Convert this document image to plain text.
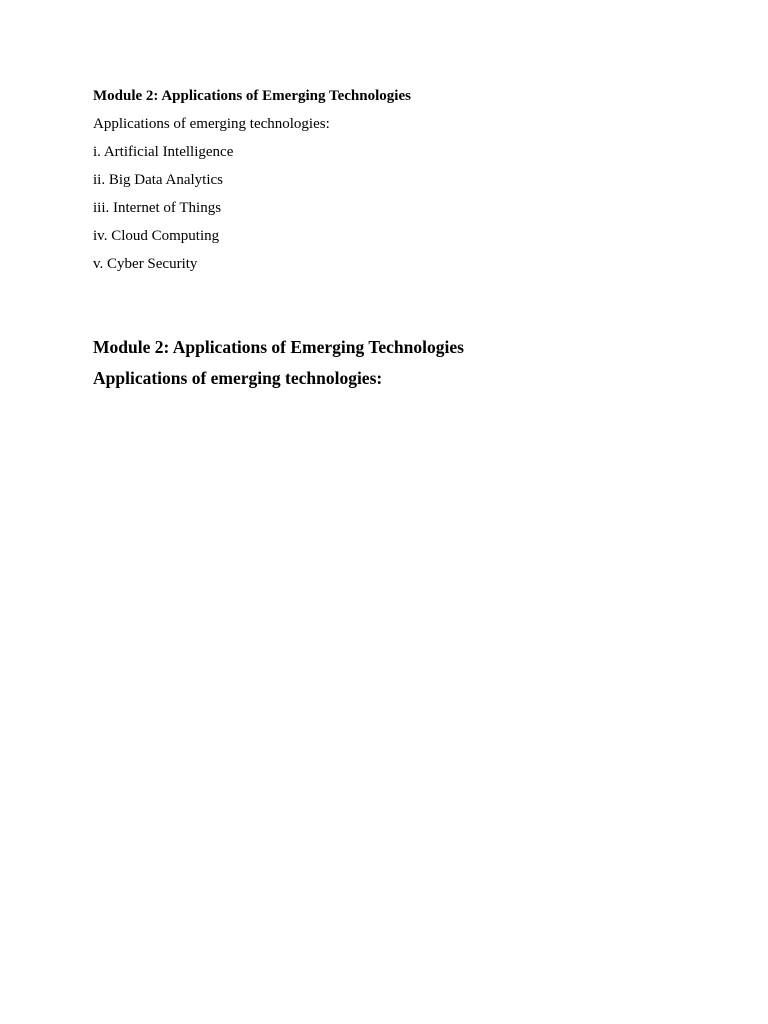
Module 2: Applications of Emerging Technologies

Applications of emerging technologies:

i. Artificial Intelligence
ii. Big Data Analytics
iii. Internet of Things
iv. Cloud Computing
v. Cyber Security

Module 2: Applications of Emerging Technologies

Applications of emerging technologies:
